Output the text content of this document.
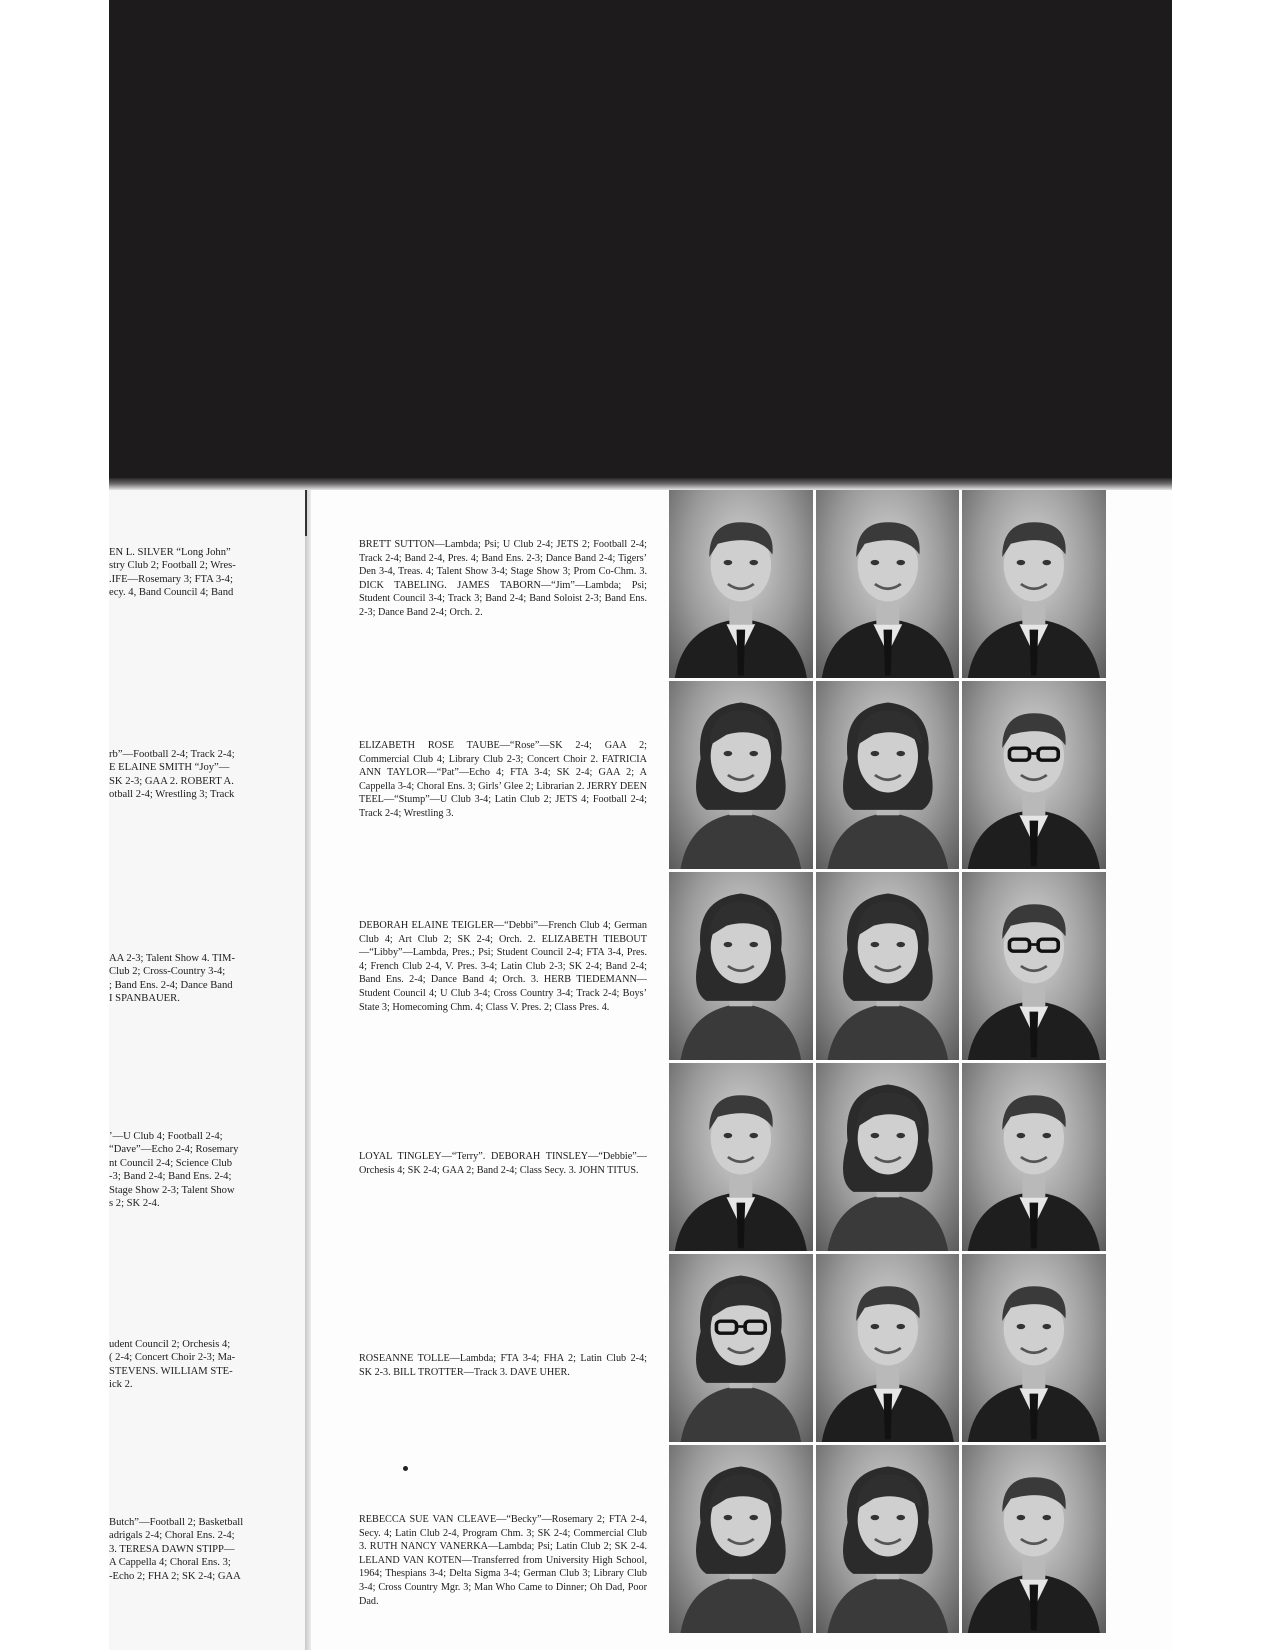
EN L. SILVER “Long John”
stry Club 2; Football 2; Wres-
.IFE—Rosemary 3; FTA 3-4;
ecy. 4, Band Council 4; Band
rb”—Football 2-4; Track 2-4;
E ELAINE SMITH “Joy”—
SK 2-3; GAA 2. ROBERT A.
otball 2-4; Wrestling 3; Track
AA 2-3; Talent Show 4. TIM-
Club 2; Cross-Country 3-4;
; Band Ens. 2-4; Dance Band
I SPANBAUER.
’—U Club 4; Football 2-4;
“Dave”—Echo 2-4; Rosemary
nt Council 2-4; Science Club
-3; Band 2-4; Band Ens. 2-4;
Stage Show 2-3; Talent Show
s 2; SK 2-4.
udent Council 2; Orchesis 4;
( 2-4; Concert Choir 2-3; Ma-
STEVENS. WILLIAM STE-
ick 2.
Butch”—Football 2; Basketball
adrigals 2-4; Choral Ens. 2-4;
3. TERESA DAWN STIPP—
A Cappella 4; Choral Ens. 3;
-Echo 2; FHA 2; SK 2-4; GAA
BRETT SUTTON—Lambda; Psi; U Club 2-4; JETS 2; Football 2-4; Track 2-4; Band 2-4, Pres. 4; Band Ens. 2-3; Dance Band 2-4; Tigers’ Den 3-4, Treas. 4; Talent Show 3-4; Stage Show 3; Prom Co-Chm. 3. DICK TABELING. JAMES TABORN—“Jim”—Lambda; Psi; Student Council 3-4; Track 3; Band 2-4; Band Soloist 2-3; Band Ens. 2-3; Dance Band 2-4; Orch. 2.
ELIZABETH ROSE TAUBE—“Rose”—SK 2-4; GAA 2; Commercial Club 4; Library Club 2-3; Concert Choir 2. FATRICIA ANN TAYLOR—“Pat”—Echo 4; FTA 3-4; SK 2-4; GAA 2; A Cappella 3-4; Choral Ens. 3; Girls’ Glee 2; Librarian 2. JERRY DEEN TEEL—“Stump”—U Club 3-4; Latin Club 2; JETS 4; Football 2-4; Track 2-4; Wrestling 3.
DEBORAH ELAINE TEIGLER—“Debbi”—French Club 4; German Club 4; Art Club 2; SK 2-4; Orch. 2. ELIZABETH TIEBOUT—“Libby”—Lambda, Pres.; Psi; Student Council 2-4; FTA 3-4, Pres. 4; French Club 2-4, V. Pres. 3-4; Latin Club 2-3; SK 2-4; Band 2-4; Band Ens. 2-4; Dance Band 4; Orch. 3. HERB TIEDEMANN—Student Council 4; U Club 3-4; Cross Country 3-4; Track 2-4; Boys’ State 3; Homecoming Chm. 4; Class V. Pres. 2; Class Pres. 4.
LOYAL TINGLEY—“Terry”. DEBORAH TINSLEY—“Debbie”—Orchesis 4; SK 2-4; GAA 2; Band 2-4; Class Secy. 3. JOHN TITUS.
ROSEANNE TOLLE—Lambda; FTA 3-4; FHA 2; Latin Club 2-4; SK 2-3. BILL TROTTER—Track 3. DAVE UHER.
REBECCA SUE VAN CLEAVE—“Becky”—Rosemary 2; FTA 2-4, Secy. 4; Latin Club 2-4, Program Chm. 3; SK 2-4; Commercial Club 3. RUTH NANCY VANERKA—Lambda; Psi; Latin Club 2; SK 2-4. LELAND VAN KOTEN—Transferred from University High School, 1964; Thespians 3-4; Delta Sigma 3-4; German Club 3; Library Club 3-4; Cross Country Mgr. 3; Man Who Came to Dinner; Oh Dad, Poor Dad.
